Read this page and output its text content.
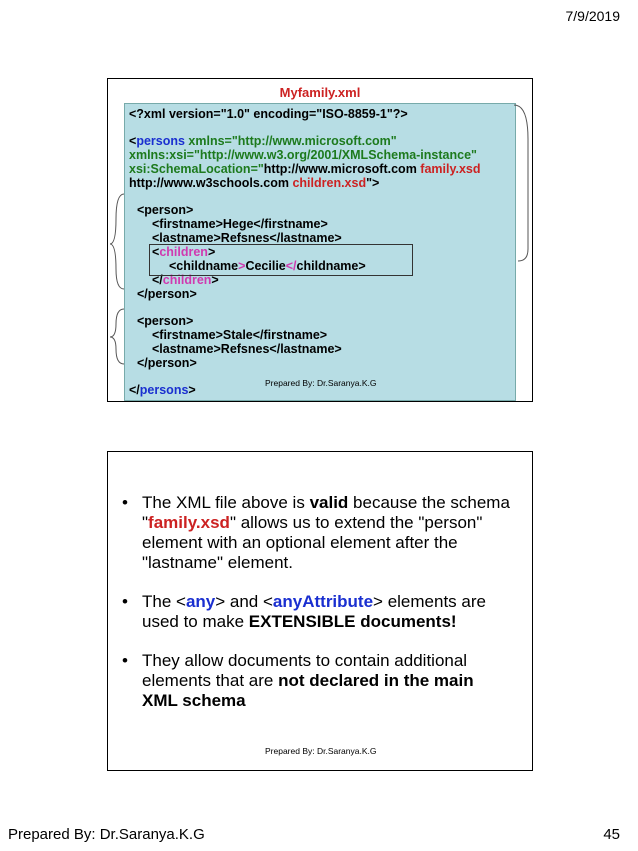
7/9/2019
Myfamily.xml
<?xml version="1.0" encoding="ISO-8859-1"?>
<persons xmlns="http://www.microsoft.com"
xmlns:xsi="http://www.w3.org/2001/XMLSchema-instance"
xsi:SchemaLocation="http://www.microsoft.com family.xsd
http://www.w3schools.com children.xsd">
<person>
<firstname>Hege</firstname>
<lastname>Refsnes</lastname>
<children>
<childname>Cecilie</childname>
</children>
</person>
<person>
<firstname>Stale</firstname>
<lastname>Refsnes</lastname>
</person>
</persons>	Prepared By: Dr.Saranya.K.G
• The XML file above is valid because the schema "family.xsd" allows us to extend the "person" element with an optional element after the "lastname" element.
• The <any> and <anyAttribute> elements are used to make EXTENSIBLE documents!
• They allow documents to contain additional elements that are not declared in the main XML schema
Prepared By: Dr.Saranya.K.G
Prepared By: Dr.Saranya.K.G	45
